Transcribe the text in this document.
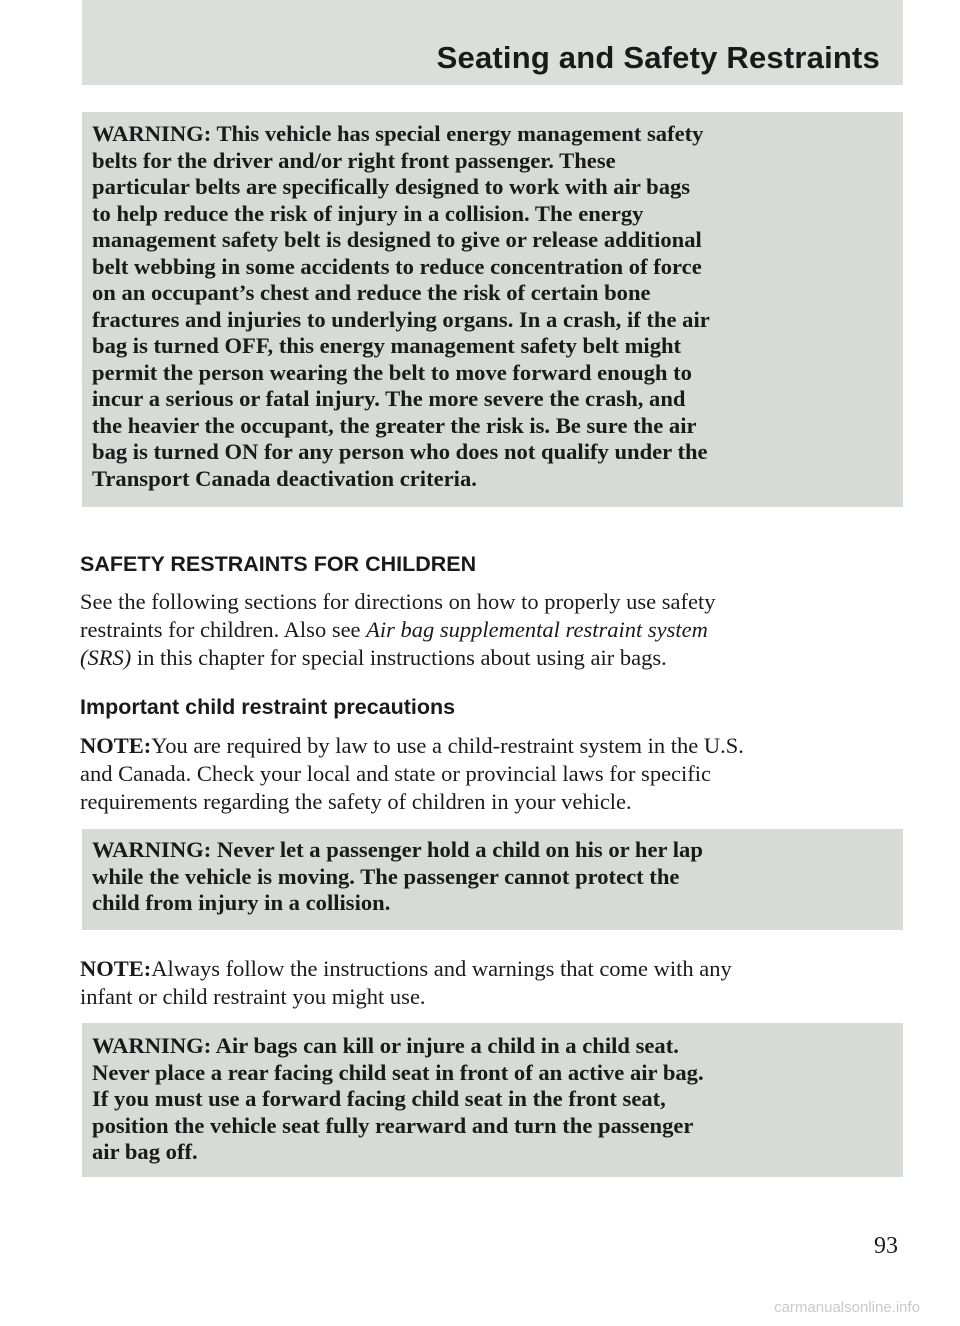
Seating and Safety Restraints

WARNING: This vehicle has special energy management safety
belts for the driver and/or right front passenger. These
particular belts are specifically designed to work with air bags
to help reduce the risk of injury in a collision. The energy
management safety belt is designed to give or release additional
belt webbing in some accidents to reduce concentration of force
on an occupant’s chest and reduce the risk of certain bone
fractures and injuries to underlying organs. In a crash, if the air
bag is turned OFF, this energy management safety belt might
permit the person wearing the belt to move forward enough to
incur a serious or fatal injury. The more severe the crash, and
the heavier the occupant, the greater the risk is. Be sure the air
bag is turned ON for any person who does not qualify under the
Transport Canada deactivation criteria.

SAFETY RESTRAINTS FOR CHILDREN

See the following sections for directions on how to properly use safety
restraints for children. Also see Air bag supplemental restraint system
(SRS) in this chapter for special instructions about using air bags.

Important child restraint precautions

NOTE:You are required by law to use a child-restraint system in the U.S.
and Canada. Check your local and state or provincial laws for specific
requirements regarding the safety of children in your vehicle.

WARNING: Never let a passenger hold a child on his or her lap
while the vehicle is moving. The passenger cannot protect the
child from injury in a collision.

NOTE:Always follow the instructions and warnings that come with any
infant or child restraint you might use.

WARNING: Air bags can kill or injure a child in a child seat.
Never place a rear facing child seat in front of an active air bag.
If you must use a forward facing child seat in the front seat,
position the vehicle seat fully rearward and turn the passenger
air bag off.

93

carmanualsonline.info
